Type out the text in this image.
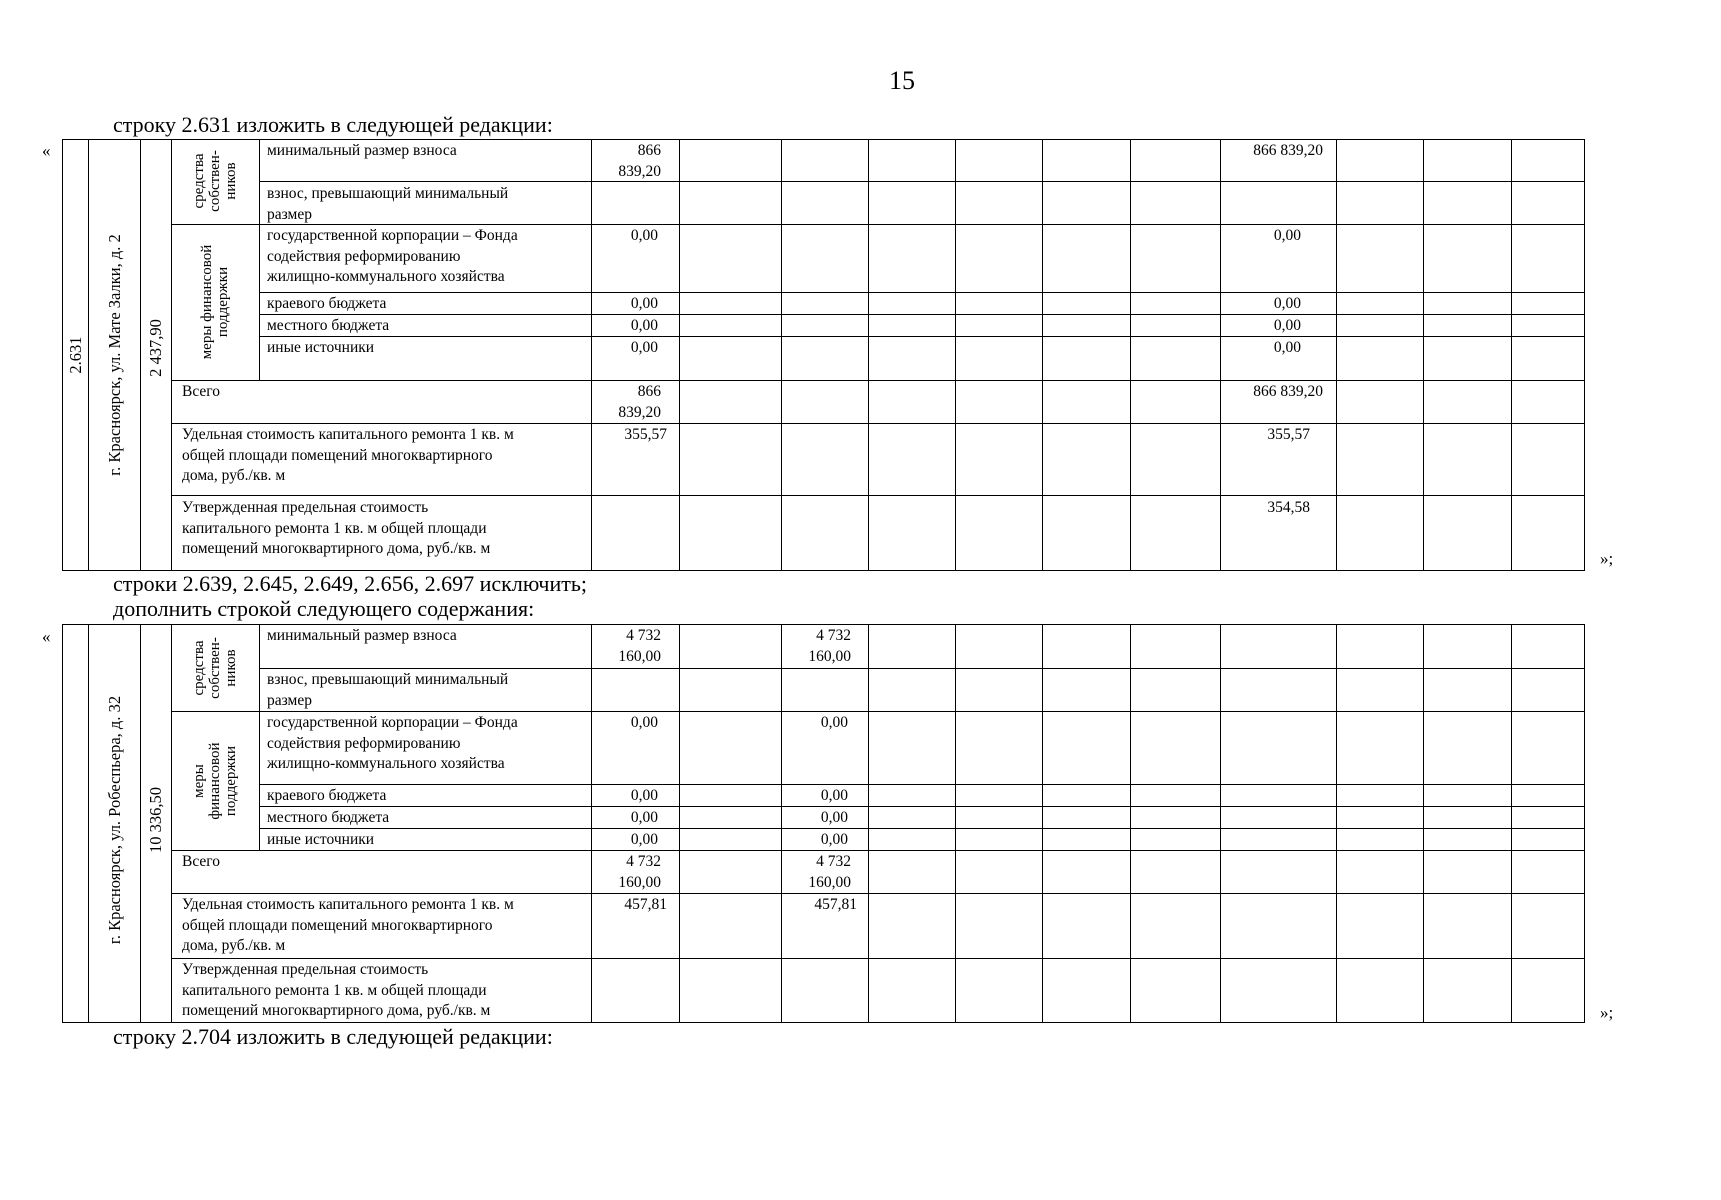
15
строку 2.631 изложить в следующей редакции:
«
»;
2.631 г. Красноярск, ул. Мате Залки, д. 2 2 437,90
средства собствен- ников
меры финансовой поддержки
минимальный размер взноса
взнос, превышающий минимальный
размер
государственной корпорации – Фонда
содействия реформированию
жилищно-коммунального хозяйства
краевого бюджета
местного бюджета
иные источники
Всего
Удельная стоимость капитального ремонта 1 кв. м
общей площади помещений многоквартирного
дома, руб./кв. м
Утвержденная предельная стоимость
капитального ремонта 1 кв. м общей площади
помещений многоквартирного дома, руб./кв. м
866
839,20
0,00
0,00
0,00
0,00
866
839,20
355,57
866 839,20
0,00
0,00
0,00
0,00
866 839,20
355,57
354,58
строки 2.639, 2.645, 2.649, 2.656, 2.697 исключить;
дополнить строкой следующего содержания:
«
»;
г. Красноярск, ул. Робеспьера, д. 32 10 336,50
средства собствен- ников
меры финансовой поддержки
минимальный размер взноса
взнос, превышающий минимальный
размер
государственной корпорации – Фонда
содействия реформированию
жилищно-коммунального хозяйства
краевого бюджета
местного бюджета
иные источники
Всего
Удельная стоимость капитального ремонта 1 кв. м
общей площади помещений многоквартирного
дома, руб./кв. м
Утвержденная предельная стоимость
капитального ремонта 1 кв. м общей площади
помещений многоквартирного дома, руб./кв. м
4 732
160,00
0,00
0,00
0,00
0,00
4 732
160,00
457,81
4 732
160,00
0,00
0,00
0,00
0,00
4 732
160,00
457,81
строку 2.704 изложить в следующей редакции:
